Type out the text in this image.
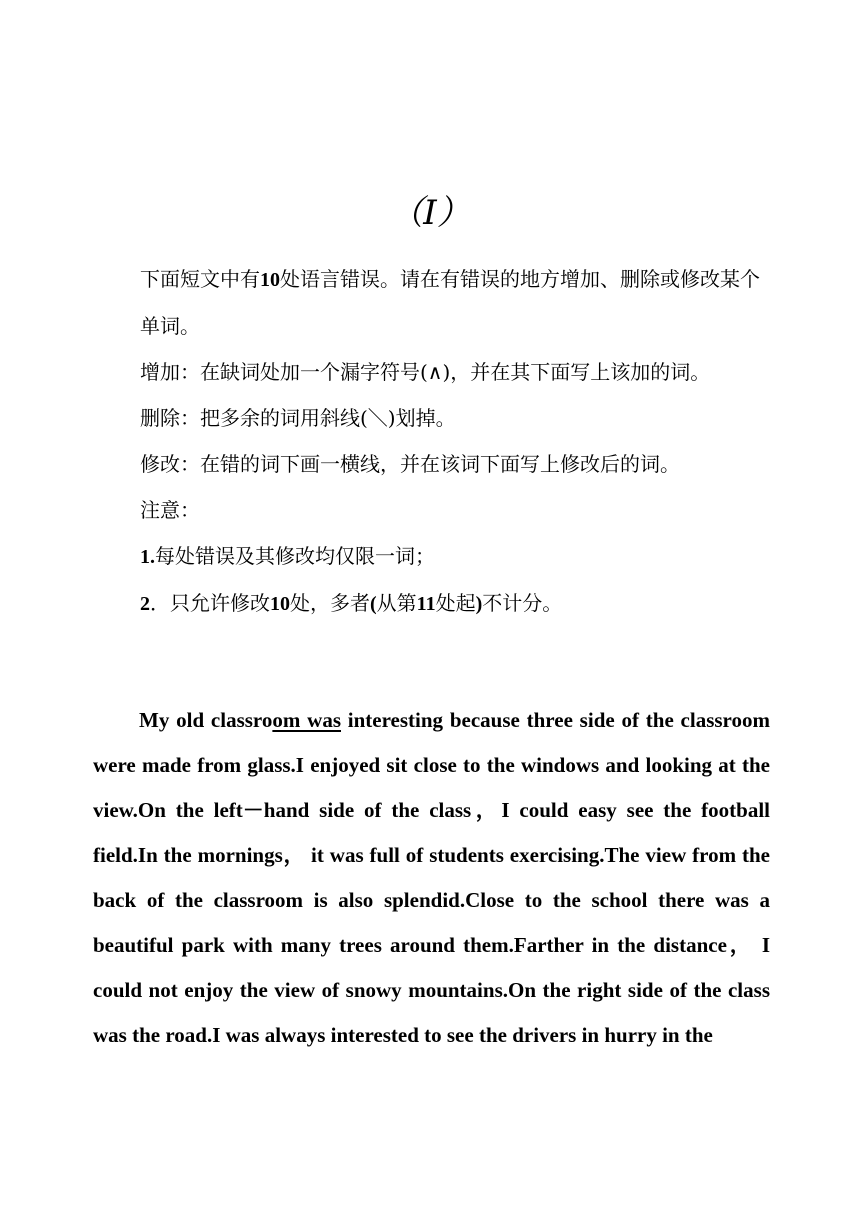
（Ⅰ）

下面短文中有10处语言错误。请在有错误的地方增加、删除或修改某个单词。

增加：在缺词处加一个漏字符号(∧)，并在其下面写上该加的词。

删除：把多余的词用斜线(＼)划掉。

修改：在错的词下画一横线，并在该词下面写上修改后的词。

注意：

1.每处错误及其修改均仅限一词；

2．只允许修改10处，多者(从第11处起)不计分。

My old classroom was interesting because three side of the classroom were made from glass.I enjoyed sit close to the windows and looking at the view.On the left－hand side of the class，I could easy see the football field.In the mornings， it was full of students exercising.The view from the back of the classroom is also splendid.Close to the school there was a beautiful park with many trees around them.Farther in the distance， I could not enjoy the view of snowy mountains.On the right side of the class was the road.I was always interested to see the drivers in hurry in the
